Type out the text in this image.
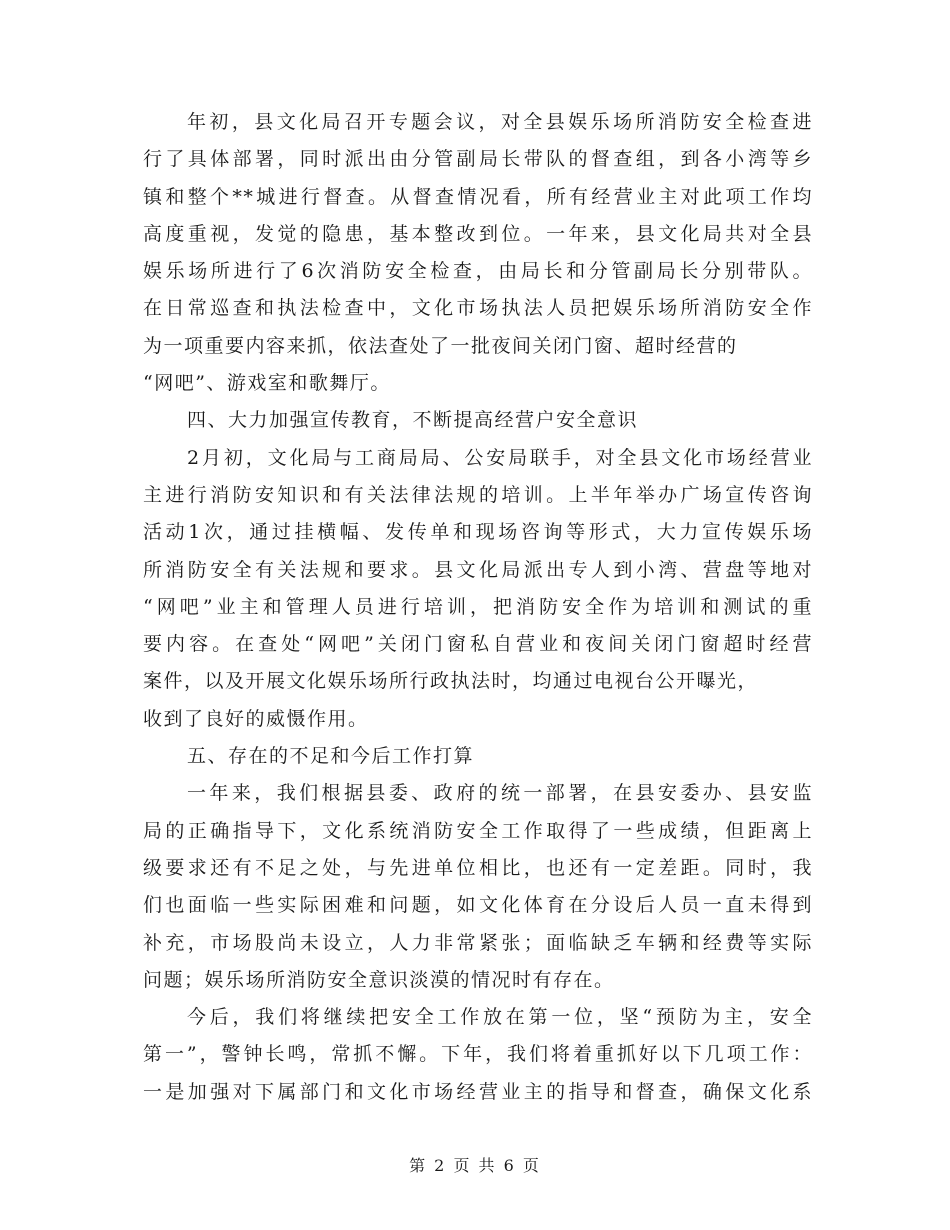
年初，县文化局召开专题会议，对全县娱乐场所消防安全检查进
行了具体部署，同时派出由分管副局长带队的督查组，到各小湾等乡
镇和整个**城进行督查。从督查情况看，所有经营业主对此项工作均
高度重视，发觉的隐患，基本整改到位。一年来，县文化局共对全县
娱乐场所进行了6次消防安全检查，由局长和分管副局长分别带队。
在日常巡查和执法检查中，文化市场执法人员把娱乐场所消防安全作
为一项重要内容来抓，依法查处了一批夜间关闭门窗、超时经营的
“网吧”、游戏室和歌舞厅。
四、大力加强宣传教育，不断提高经营户安全意识
2月初，文化局与工商局局、公安局联手，对全县文化市场经营业
主进行消防安知识和有关法律法规的培训。上半年举办广场宣传咨询
活动1次，通过挂横幅、发传单和现场咨询等形式，大力宣传娱乐场
所消防安全有关法规和要求。县文化局派出专人到小湾、营盘等地对
“网吧”业主和管理人员进行培训，把消防安全作为培训和测试的重
要内容。在查处“网吧”关闭门窗私自营业和夜间关闭门窗超时经营
案件，以及开展文化娱乐场所行政执法时，均通过电视台公开曝光，
收到了良好的威慑作用。
五、存在的不足和今后工作打算
一年来，我们根据县委、政府的统一部署，在县安委办、县安监
局的正确指导下，文化系统消防安全工作取得了一些成绩，但距离上
级要求还有不足之处，与先进单位相比，也还有一定差距。同时，我
们也面临一些实际困难和问题，如文化体育在分设后人员一直未得到
补充，市场股尚未设立，人力非常紧张；面临缺乏车辆和经费等实际
问题；娱乐场所消防安全意识淡漠的情况时有存在。
今后，我们将继续把安全工作放在第一位，坚“预防为主，安全
第一”，警钟长鸣，常抓不懈。下年，我们将着重抓好以下几项工作：
一是加强对下属部门和文化市场经营业主的指导和督查，确保文化系
第 2 页 共 6 页
